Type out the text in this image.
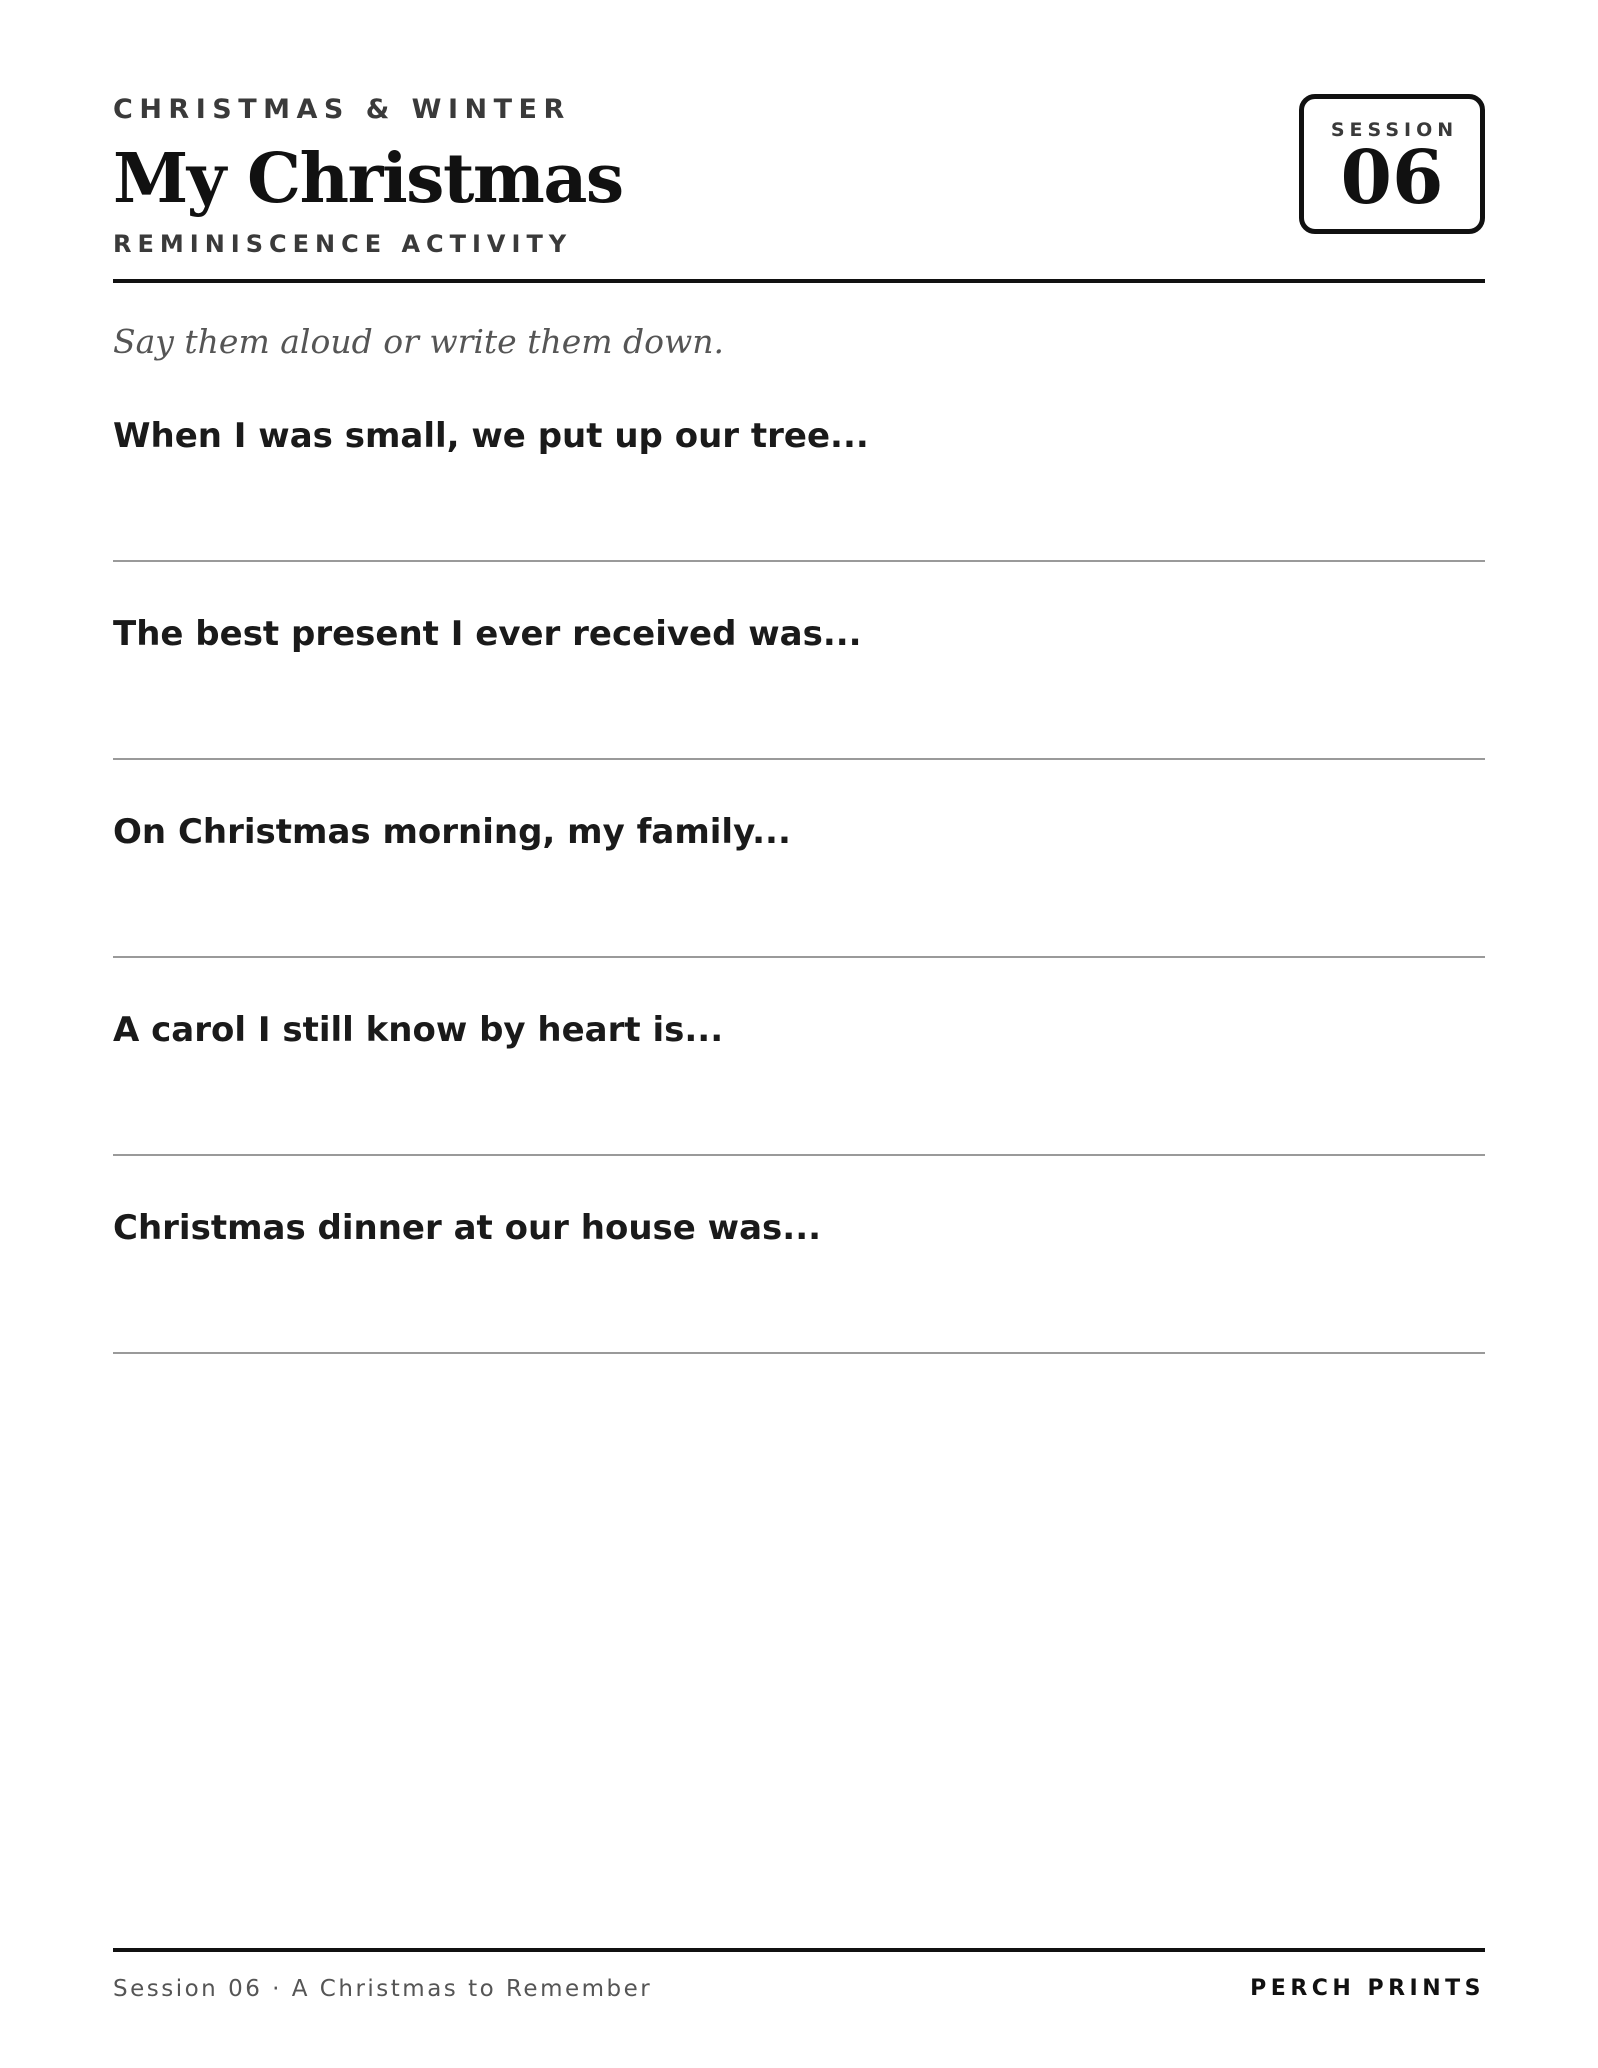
CHRISTMAS & WINTER
My Christmas
REMINISCENCE ACTIVITY
SESSION
06
Say them aloud or write them down.
When I was small, we put up our tree...
The best present I ever received was...
On Christmas morning, my family...
A carol I still know by heart is...
Christmas dinner at our house was...
Session 06 · A Christmas to Remember	PERCH PRINTS
